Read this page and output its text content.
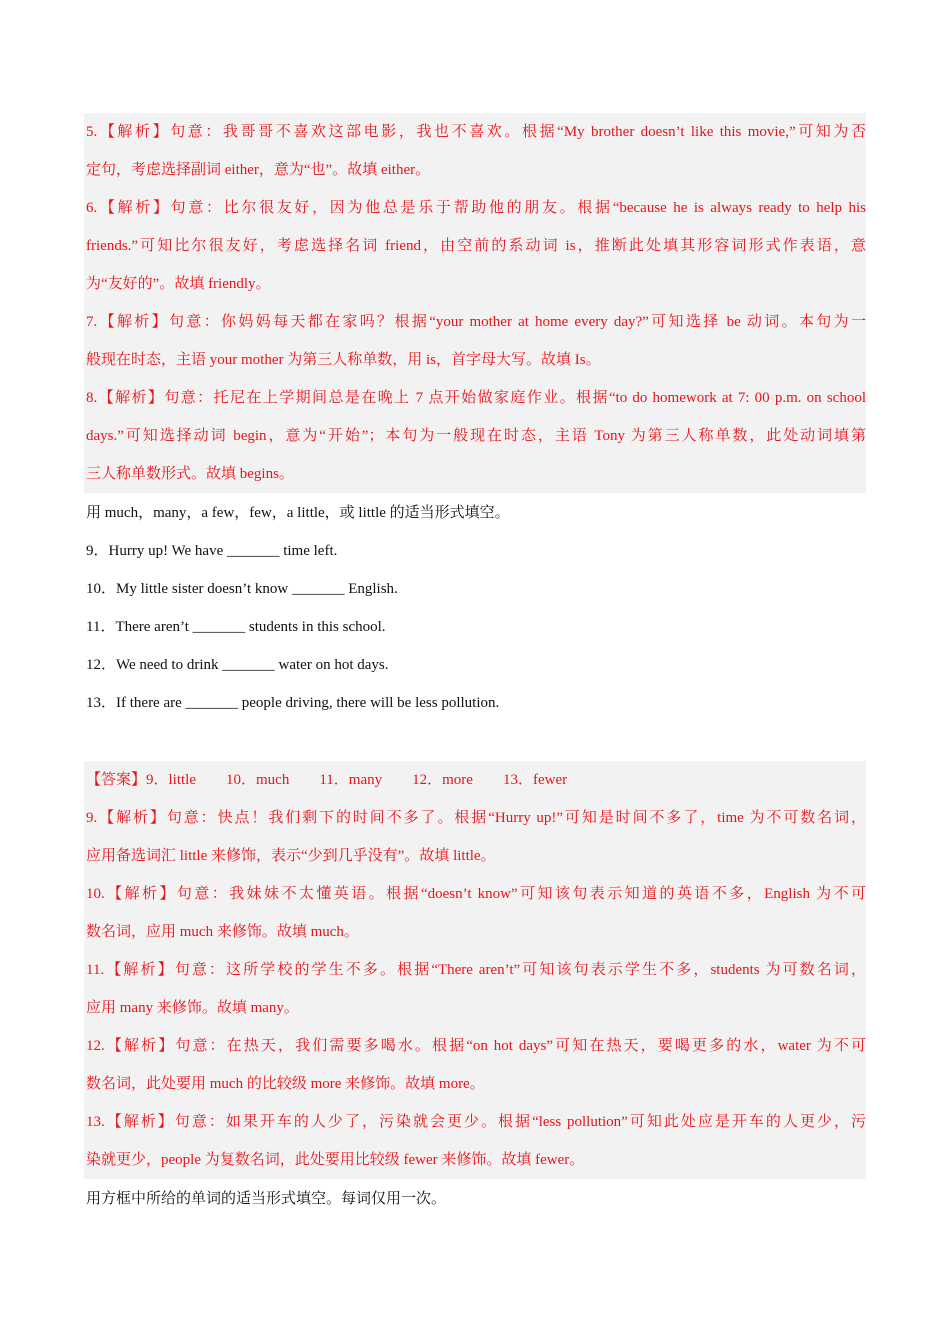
5.【解析】句意：我哥哥不喜欢这部电影，我也不喜欢。根据“My brother doesn’t like this movie,”可知为否
定句，考虑选择副词 either，意为“也”。故填 either。
6.【解析】句意：比尔很友好，因为他总是乐于帮助他的朋友。根据“because he is always ready to help his
friends.”可知比尔很友好，考虑选择名词 friend，由空前的系动词 is，推断此处填其形容词形式作表语，意
为“友好的”。故填 friendly。
7.【解析】句意：你妈妈每天都在家吗？根据“your mother at home every day?”可知选择 be 动词。本句为一
般现在时态，主语 your mother 为第三人称单数，用 is，首字母大写。故填 Is。
8.【解析】句意：托尼在上学期间总是在晚上 7 点开始做家庭作业。根据“to do homework at 7: 00 p.m. on school
days.”可知选择动词 begin，意为“开始”；本句为一般现在时态，主语 Tony 为第三人称单数，此处动词填第
三人称单数形式。故填 begins。
用 much，many，a few，few，a little，或 little 的适当形式填空。
9．Hurry up! We have _______ time left.
10．My little sister doesn’t know _______ English.
11．There aren’t _______ students in this school.
12．We need to drink _______ water on hot days.
13．If there are _______ people driving, there will be less pollution.
【答案】9．little 10．much 11．many 12．more 13．fewer
9.【解析】句意：快点！我们剩下的时间不多了。根据“Hurry up!”可知是时间不多了，time 为不可数名词，
应用备选词汇 little 来修饰，表示“少到几乎没有”。故填 little。
10.【解析】句意：我妹妹不太懂英语。根据“doesn’t know”可知该句表示知道的英语不多，English 为不可
数名词，应用 much 来修饰。故填 much。
11.【解析】句意：这所学校的学生不多。根据“There aren’t”可知该句表示学生不多，students 为可数名词，
应用 many 来修饰。故填 many。
12.【解析】句意：在热天，我们需要多喝水。根据“on hot days”可知在热天，要喝更多的水，water 为不可
数名词，此处要用 much 的比较级 more 来修饰。故填 more。
13.【解析】句意：如果开车的人少了，污染就会更少。根据“less pollution”可知此处应是开车的人更少，污
染就更少，people 为复数名词，此处要用比较级 fewer 来修饰。故填 fewer。
用方框中所给的单词的适当形式填空。每词仅用一次。
